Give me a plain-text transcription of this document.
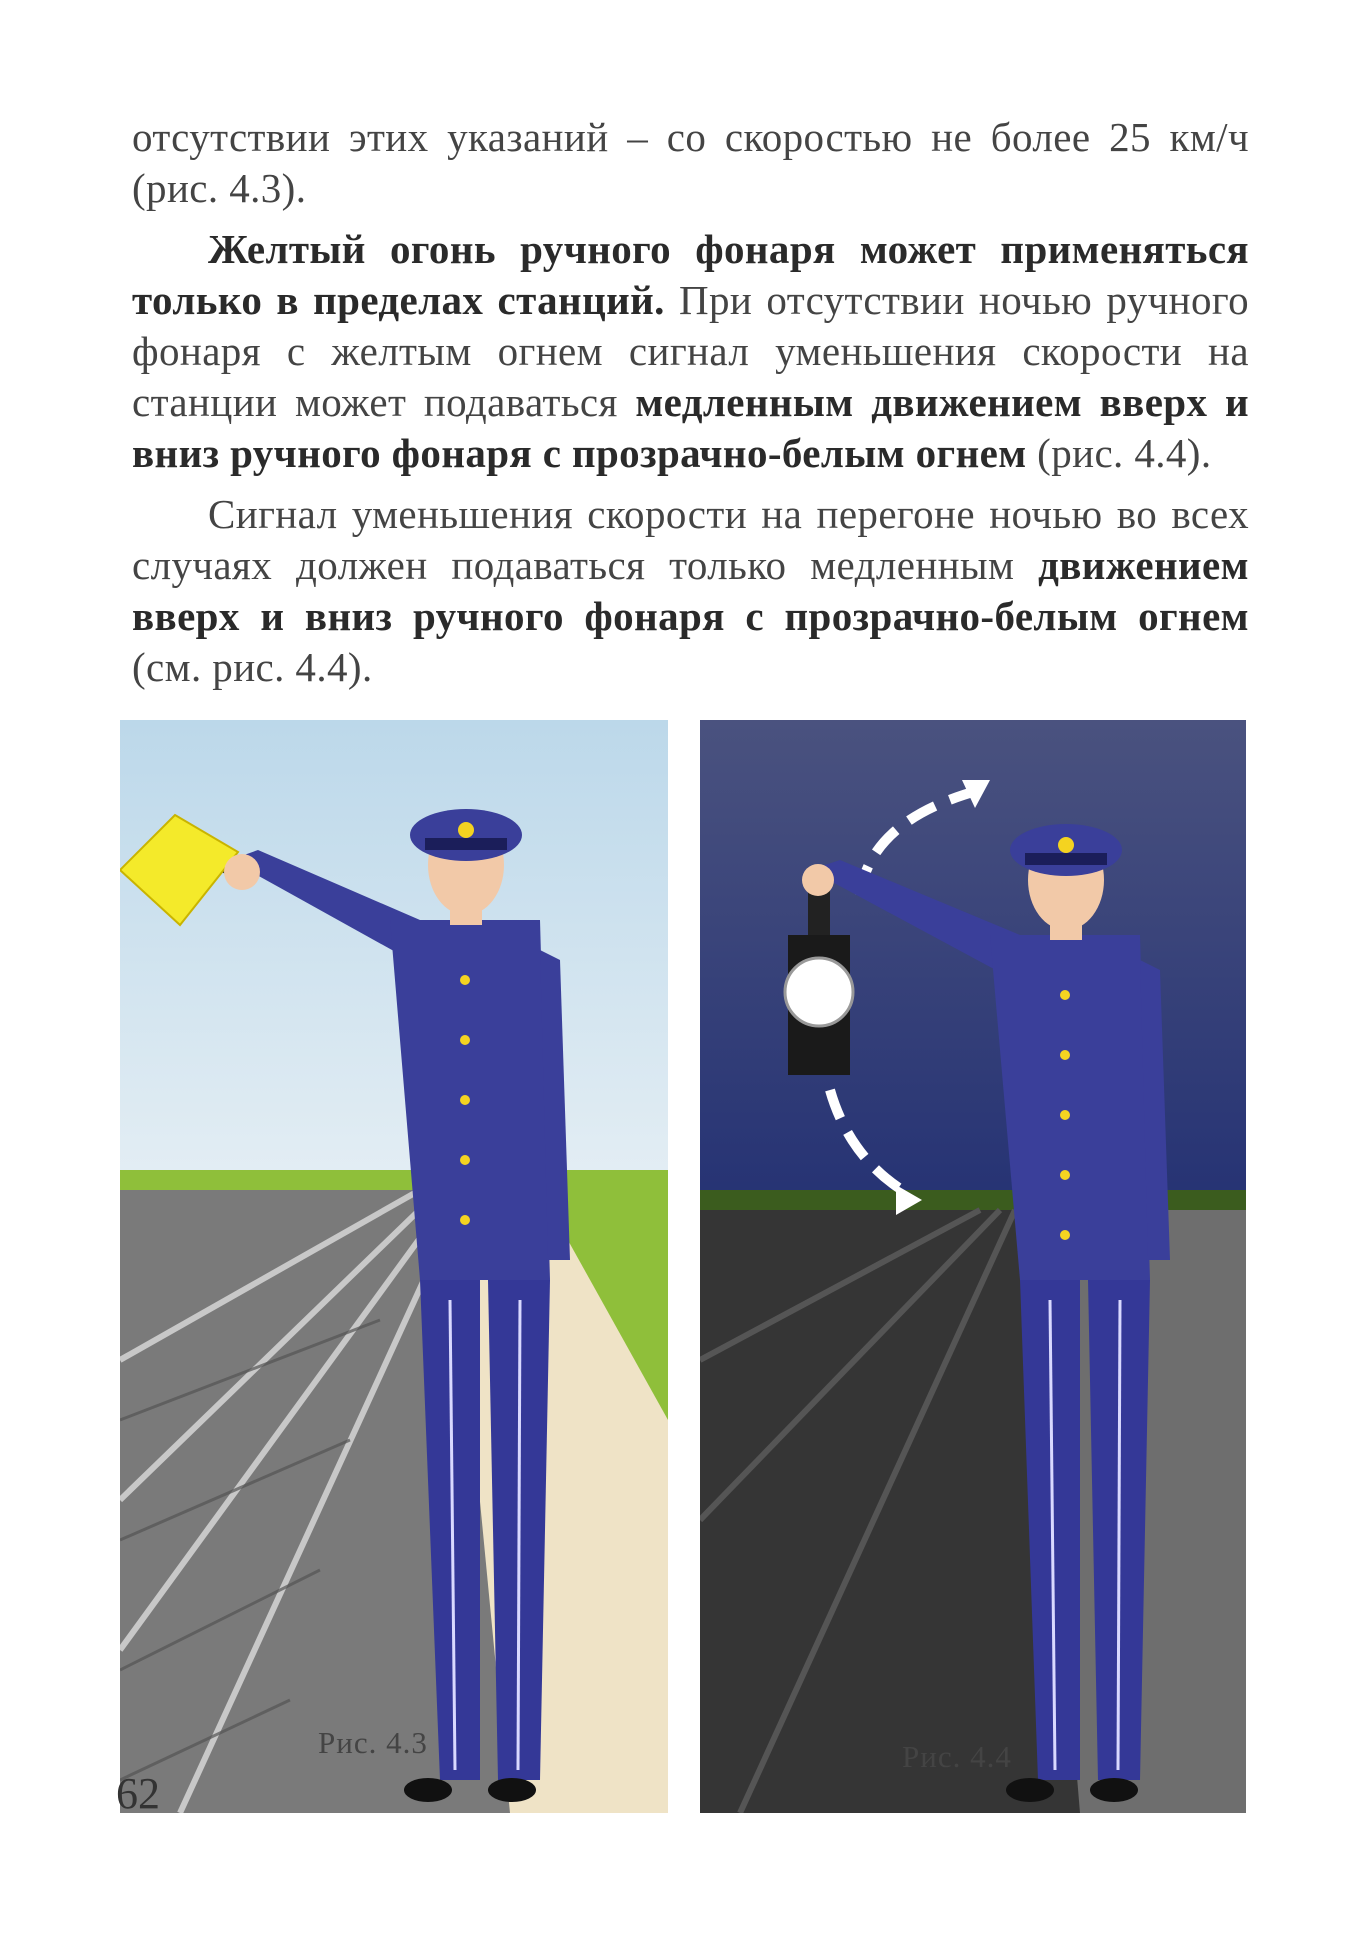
отсутствии этих указаний – со скоростью не более 25 км/ч (рис. 4.3).

Желтый огонь ручного фонаря может применяться только в пределах станций. При отсутствии ночью ручного фонаря с желтым огнем сигнал уменьшения скорости на станции может подаваться медленным движением вверх и вниз ручного фонаря с прозрачно-белым огнем (рис. 4.4).

Сигнал уменьшения скорости на перегоне ночью во всех случаях должен подаваться только медленным движением вверх и вниз ручного фонаря с прозрачно-белым огнем (см. рис. 4.4).

Рис. 4.3	Рис. 4.4
62
